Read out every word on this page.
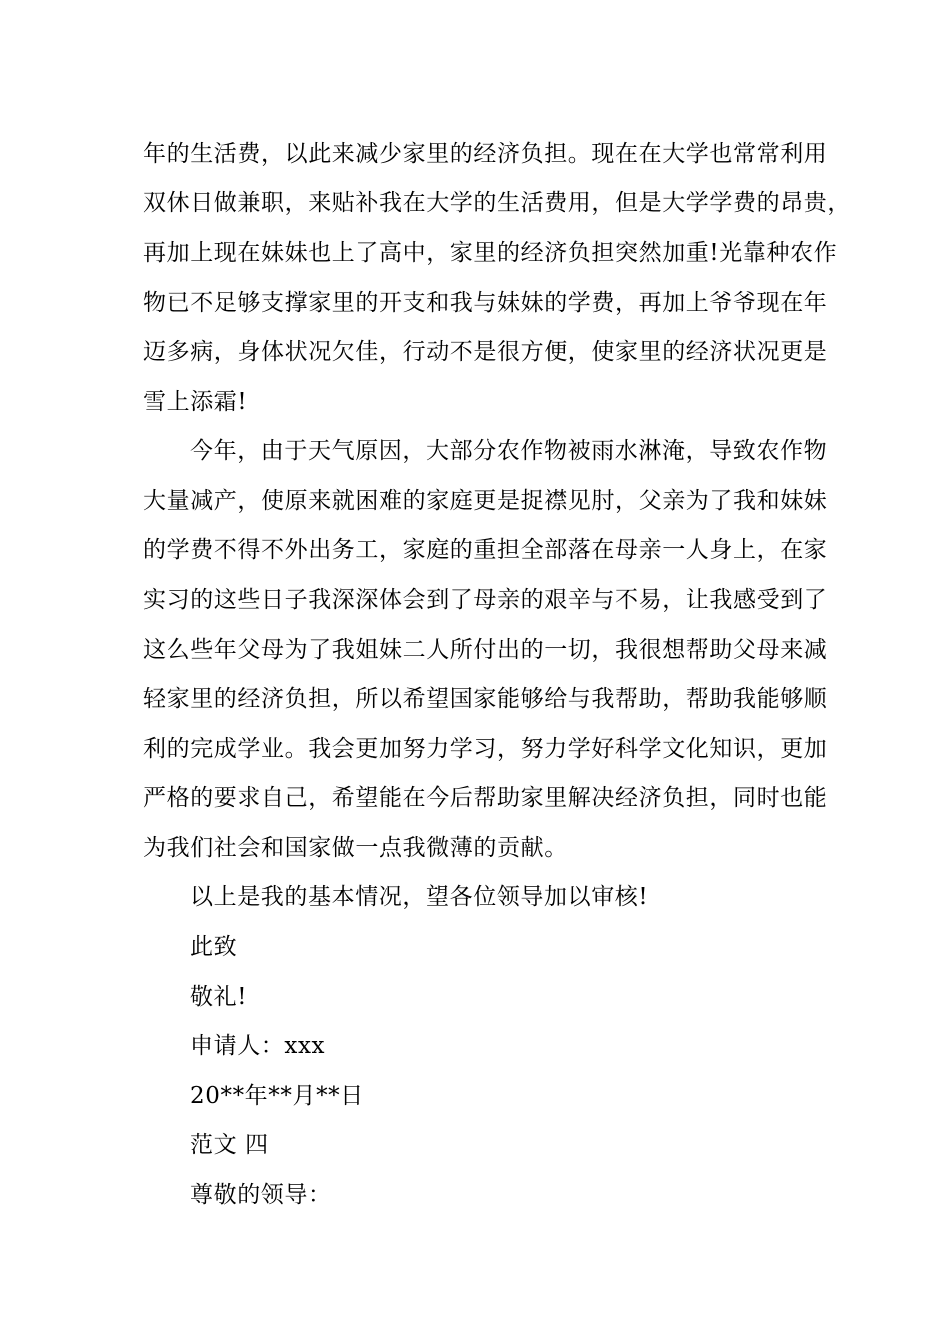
年的生活费，以此来减少家里的经济负担。现在在大学也常常利用
双休日做兼职，来贴补我在大学的生活费用，但是大学学费的昂贵，
再加上现在妹妹也上了高中，家里的经济负担突然加重!光靠种农作
物已不足够支撑家里的开支和我与妹妹的学费，再加上爷爷现在年
迈多病，身体状况欠佳，行动不是很方便，使家里的经济状况更是
雪上添霜!
今年，由于天气原因，大部分农作物被雨水淋淹，导致农作物
大量减产，使原来就困难的家庭更是捉襟见肘，父亲为了我和妹妹
的学费不得不外出务工，家庭的重担全部落在母亲一人身上，在家
实习的这些日子我深深体会到了母亲的艰辛与不易，让我感受到了
这么些年父母为了我姐妹二人所付出的一切，我很想帮助父母来减
轻家里的经济负担，所以希望国家能够给与我帮助，帮助我能够顺
利的完成学业。我会更加努力学习，努力学好科学文化知识，更加
严格的要求自己，希望能在今后帮助家里解决经济负担，同时也能
为我们社会和国家做一点我微薄的贡献。
以上是我的基本情况，望各位领导加以审核!
此致
敬礼!
申请人：xxx
20**年**月**日
范文 四
尊敬的领导：
